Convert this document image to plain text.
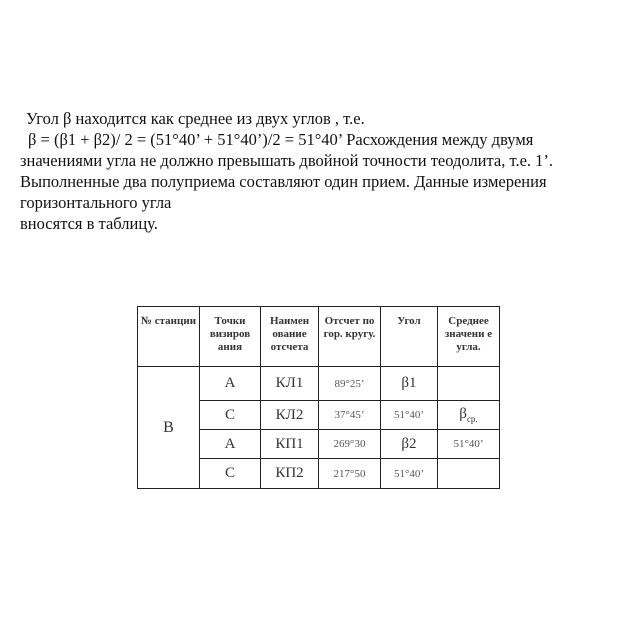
Угол β находится как среднее из двух углов , т.е.
β = (β1 + β2)/ 2 = (51°40’ + 51°40’)/2 = 51°40’ Расхождения между двумя
значениями угла не должно превышать двойной точности теодолита, т.е. 1’.
Выполненные два полуприема составляют один прием. Данные измерения
горизонтального угла
вносятся в таблицу.
№ станции	Точки визиров ания	Наимен ование отсчета	Отсчет по гор. кругу.	Угол	Среднее значени е угла.
B	A	КЛ1	89°25’	β1	
	C	КЛ2	37°45’	51°40’	$\beta_{ср.}$
	A	КП1	269°30	β2	51°40’
	C	КП2	217°50	51°40’	
